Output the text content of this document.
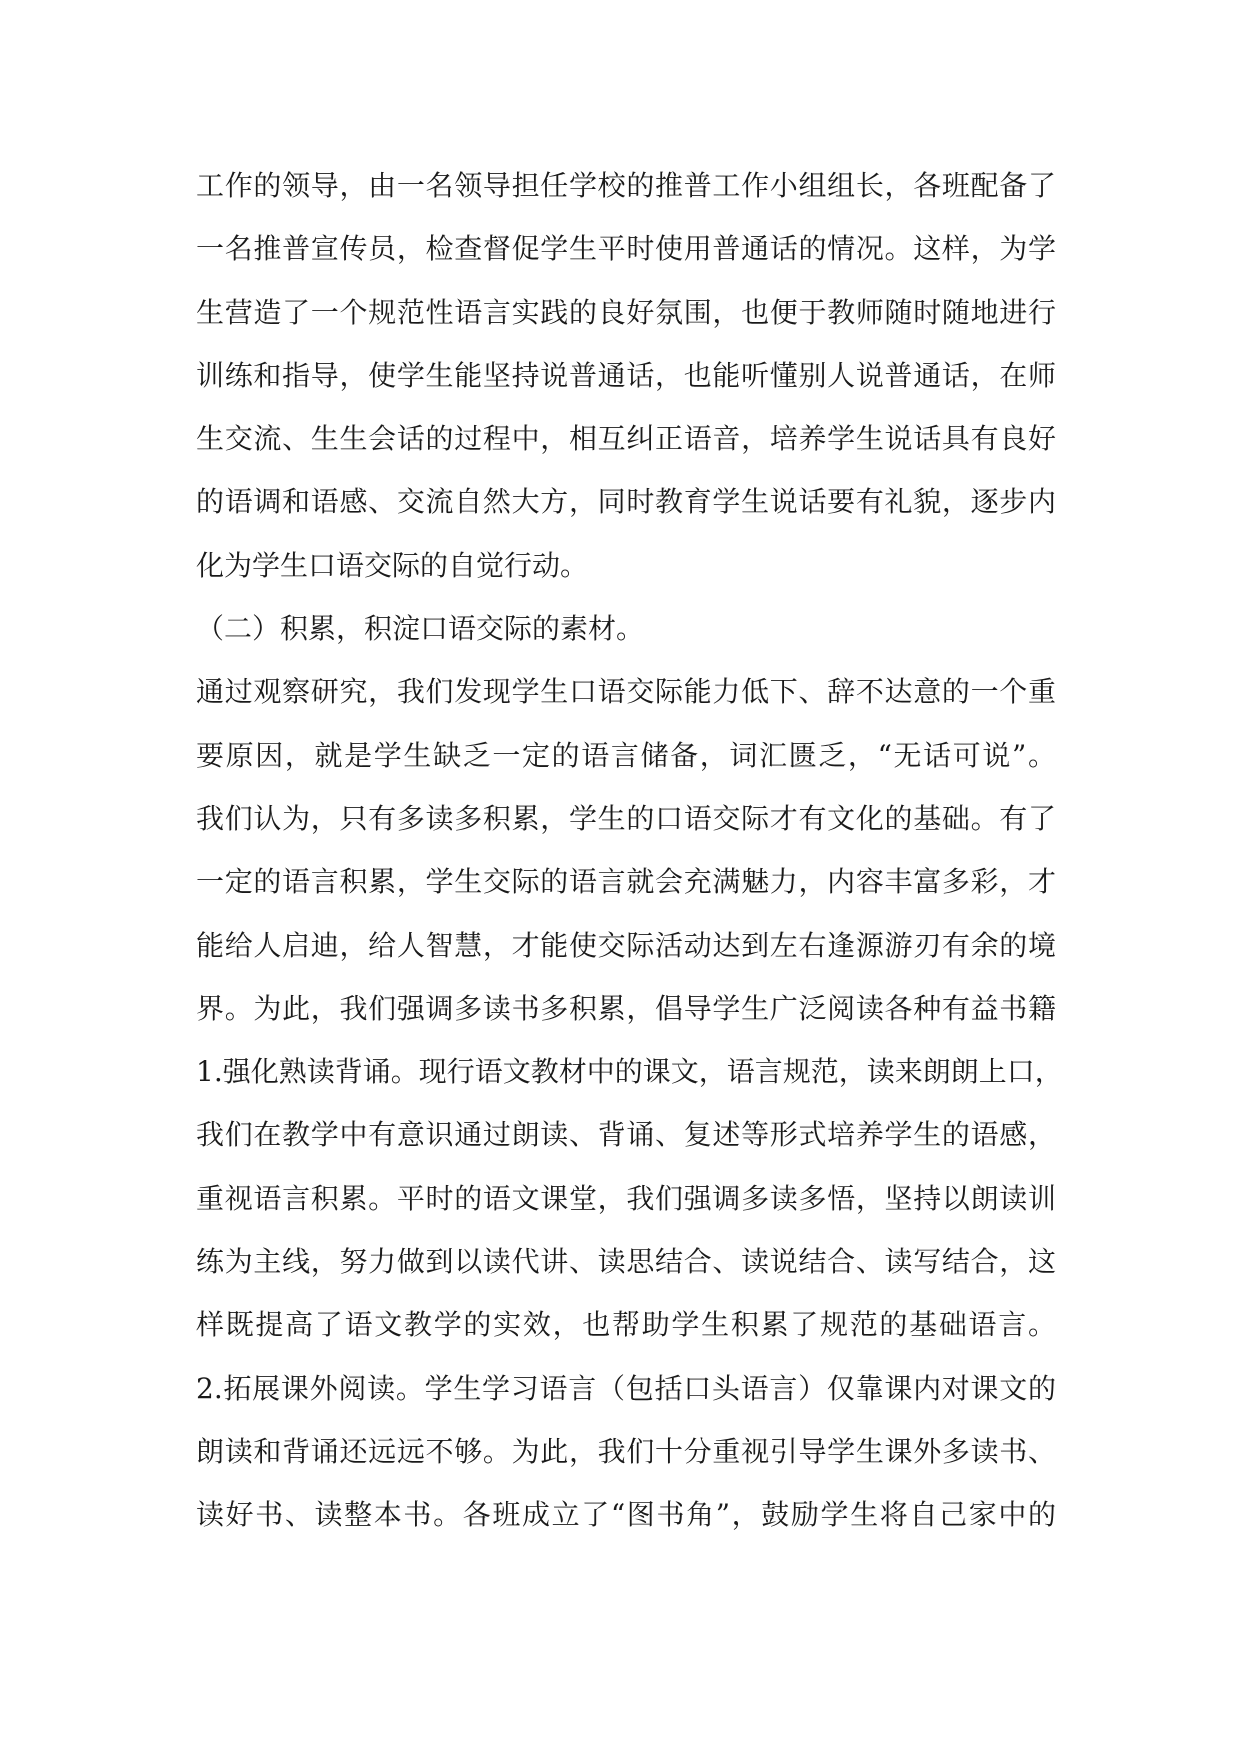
工作的领导，由一名领导担任学校的推普工作小组组长，各班配备了
一名推普宣传员，检查督促学生平时使用普通话的情况。这样，为学
生营造了一个规范性语言实践的良好氛围，也便于教师随时随地进行
训练和指导，使学生能坚持说普通话，也能听懂别人说普通话，在师
生交流、生生会话的过程中，相互纠正语音，培养学生说话具有良好
的语调和语感、交流自然大方，同时教育学生说话要有礼貌，逐步内
化为学生口语交际的自觉行动。
（二）积累，积淀口语交际的素材。
通过观察研究，我们发现学生口语交际能力低下、辞不达意的一个重
要原因，就是学生缺乏一定的语言储备，词汇匮乏，“无话可说”。
我们认为，只有多读多积累，学生的口语交际才有文化的基础。有了
一定的语言积累，学生交际的语言就会充满魅力，内容丰富多彩，才
能给人启迪，给人智慧，才能使交际活动达到左右逢源游刃有余的境
界。为此，我们强调多读书多积累，倡导学生广泛阅读各种有益书籍
1.强化熟读背诵。现行语文教材中的课文，语言规范，读来朗朗上口，
我们在教学中有意识通过朗读、背诵、复述等形式培养学生的语感，
重视语言积累。平时的语文课堂，我们强调多读多悟，坚持以朗读训
练为主线，努力做到以读代讲、读思结合、读说结合、读写结合，这
样既提高了语文教学的实效，也帮助学生积累了规范的基础语言。
2.拓展课外阅读。学生学习语言（包括口头语言）仅靠课内对课文的
朗读和背诵还远远不够。为此，我们十分重视引导学生课外多读书、
读好书、读整本书。各班成立了“图书角”，鼓励学生将自己家中的
